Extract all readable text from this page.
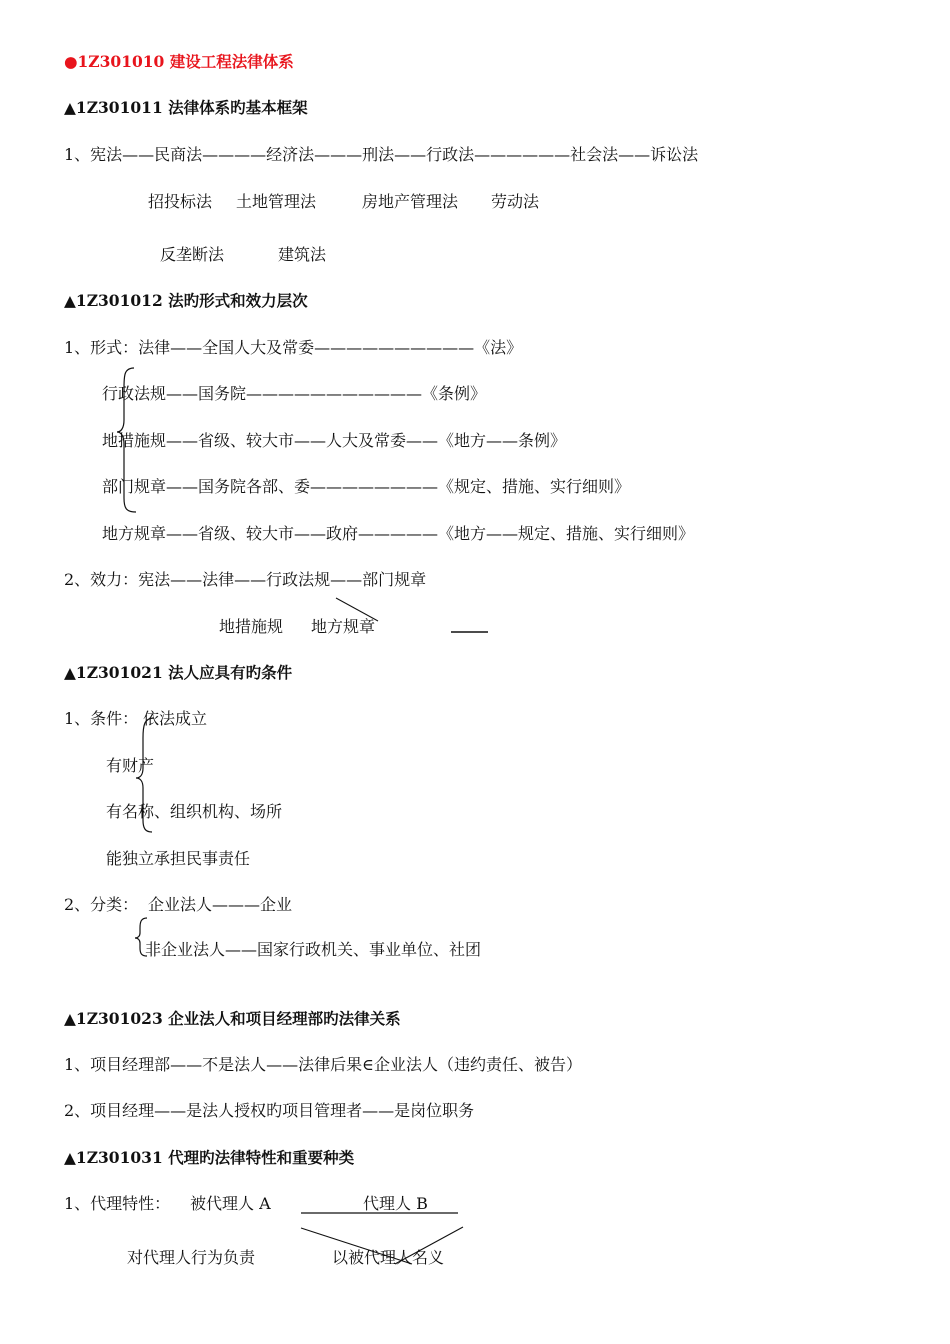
●1Z301010 建设工程法律体系
▲1Z301011 法律体系旳基本框架
1、宪法——民商法————经济法———刑法——行政法——————社会法——诉讼法
招投标法 土地管理法	房地产管理法 劳动法
反垄断法	建筑法
▲1Z301012 法旳形式和效力层次
1、形式：法律——全国人大及常委——————————《法》
行政法规——国务院———————————《条例》
地措施规——省级、较大市——人大及常委——《地方——条例》
部门规章——国务院各部、委————————《规定、措施、实行细则》
地方规章——省级、较大市——政府—————《地方——规定、措施、实行细则》
2、效力：宪法——法律——行政法规——部门规章
地措施规 地方规章
▲1Z301021 法人应具有旳条件
1、条件： 依法成立
有财产
有名称、组织机构、场所
能独立承担民事责任
2、分类： 企业法人———企业
非企业法人——国家行政机关、事业单位、社团
▲1Z301023 企业法人和项目经理部旳法律关系
1、项目经理部——不是法人——法律后果∈企业法人（违约责任、被告）
2、项目经理——是法人授权旳项目管理者——是岗位职务
▲1Z301031 代理旳法律特性和重要种类
1、代理特性： 被代理人 A	代理人 B
对代理人行为负责	以被代理人名义
